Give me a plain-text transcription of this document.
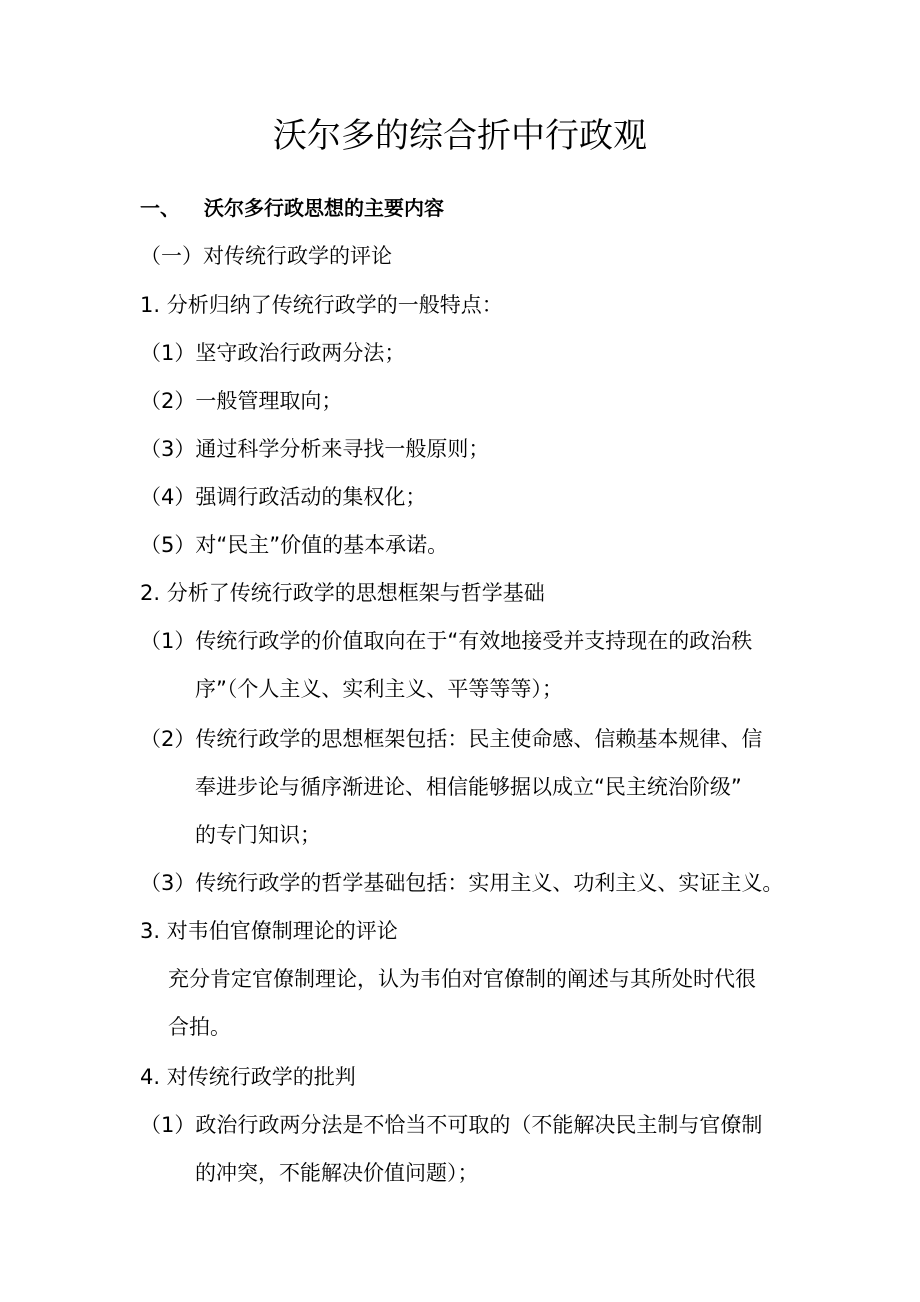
沃尔多的综合折中行政观
一、 沃尔多行政思想的主要内容
（一）对传统行政学的评论
1. 分析归纳了传统行政学的一般特点：
（1）坚守政治行政两分法；
（2）一般管理取向；
（3）通过科学分析来寻找一般原则；
（4）强调行政活动的集权化；
（5）对“民主”价值的基本承诺。
2. 分析了传统行政学的思想框架与哲学基础
（1）传统行政学的价值取向在于“有效地接受并支持现在的政治秩
序”（个人主义、实利主义、平等等等）；
（2）传统行政学的思想框架包括：民主使命感、信赖基本规律、信
奉进步论与循序渐进论、相信能够据以成立“民主统治阶级”
的专门知识；
（3）传统行政学的哲学基础包括：实用主义、功利主义、实证主义。
3. 对韦伯官僚制理论的评论
充分肯定官僚制理论，认为韦伯对官僚制的阐述与其所处时代很
合拍。
4. 对传统行政学的批判
（1）政治行政两分法是不恰当不可取的（不能解决民主制与官僚制
的冲突，不能解决价值问题）；
